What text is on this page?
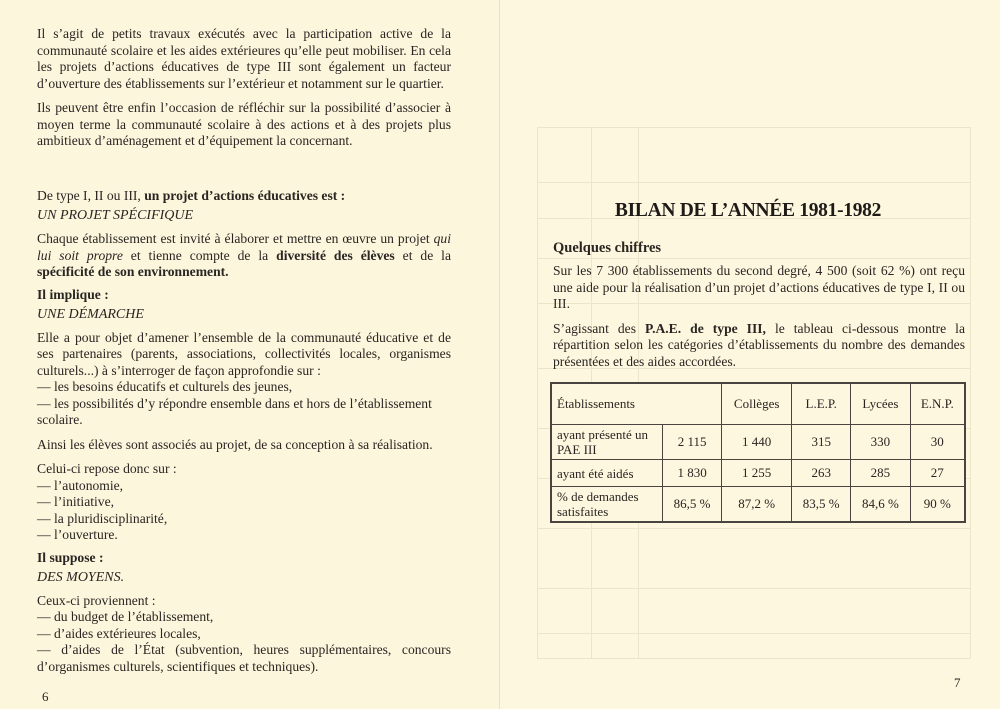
Il s’agit de petits travaux exécutés avec la participation active de la communauté scolaire et les aides extérieures qu’elle peut mobiliser. En cela les projets d’actions éducatives de type III sont également un facteur d’ouverture des établissements sur l’extérieur et notamment sur le quartier.

Ils peuvent être enfin l’occasion de réfléchir sur la possibilité d’associer à moyen terme la communauté scolaire à des actions et à des projets plus ambitieux d’aménagement et d’équipement la concernant.

De type I, II ou III, un projet d’actions éducatives est :

UN PROJET SPÉCIFIQUE

Chaque établissement est invité à élaborer et mettre en œuvre un projet qui lui soit propre et tienne compte de la diversité des élèves et de la spécificité de son environnement.

Il implique :
UNE DÉMARCHE

Elle a pour objet d’amener l’ensemble de la communauté éducative et de ses partenaires (parents, associations, collectivités locales, organismes culturels...) à s’interroger de façon approfondie sur :

— les besoins éducatifs et culturels des jeunes,
— les possibilités d’y répondre ensemble dans et hors de l’établissement scolaire.

Ainsi les élèves sont associés au projet, de sa conception à sa réalisation.

Celui-ci repose donc sur :

— l’autonomie,
— l’initiative,
— la pluridisciplinarité,
— l’ouverture.
Il suppose :
DES MOYENS.

Ceux-ci proviennent :

— du budget de l’établissement,
— d’aides extérieures locales,
— d’aides de l’État (subvention, heures supplémentaires, concours d’organismes culturels, scientifiques et techniques).
6
BILAN DE L’ANNÉE 1981-1982
Quelques chiffres

Sur les 7 300 établissements du second degré, 4 500 (soit 62 %) ont reçu une aide pour la réalisation d’un projet d’actions éducatives de type I, II ou III.

S’agissant des P.A.E. de type III, le tableau ci-dessous montre la répartition selon les catégories d’établissements du nombre des demandes présentées et des aides accordées.

Établissements		Collèges	L.E.P.	Lycées	E.N.P.
ayant présenté un PAE III	2 115	1 440	315	330	30
ayant été aidés	1 830	1 255	263	285	27
% de demandes satisfaites	86,5 %	87,2 %	83,5 %	84,6 %	90 %
7
